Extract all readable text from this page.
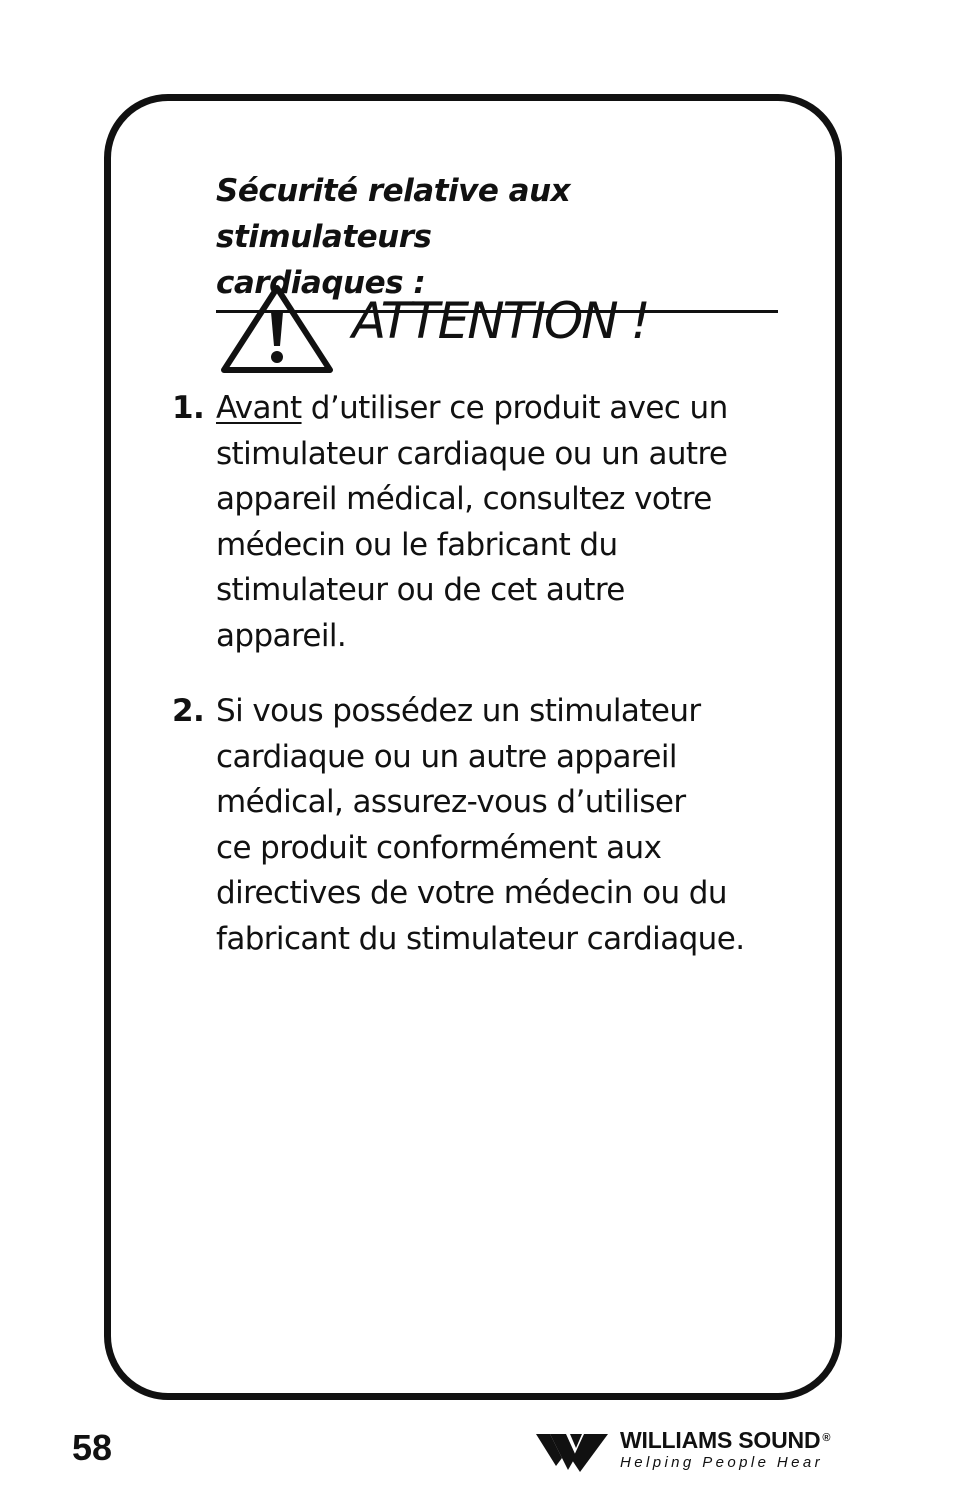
Sécurité relative aux stimulateurs
cardiaques :
ATTENTION !
1. Avant d’utiliser ce produit avec un
stimulateur cardiaque ou un autre
appareil médical, consultez votre
médecin ou le fabricant du
stimulateur ou de cet autre
appareil.
2. Si vous possédez un stimulateur
cardiaque ou un autre appareil
médical, assurez-vous d’utiliser
ce produit conformément aux
directives de votre médecin ou du
fabricant du stimulateur cardiaque.
58	WILLIAMS SOUND ®
Helping People Hear
